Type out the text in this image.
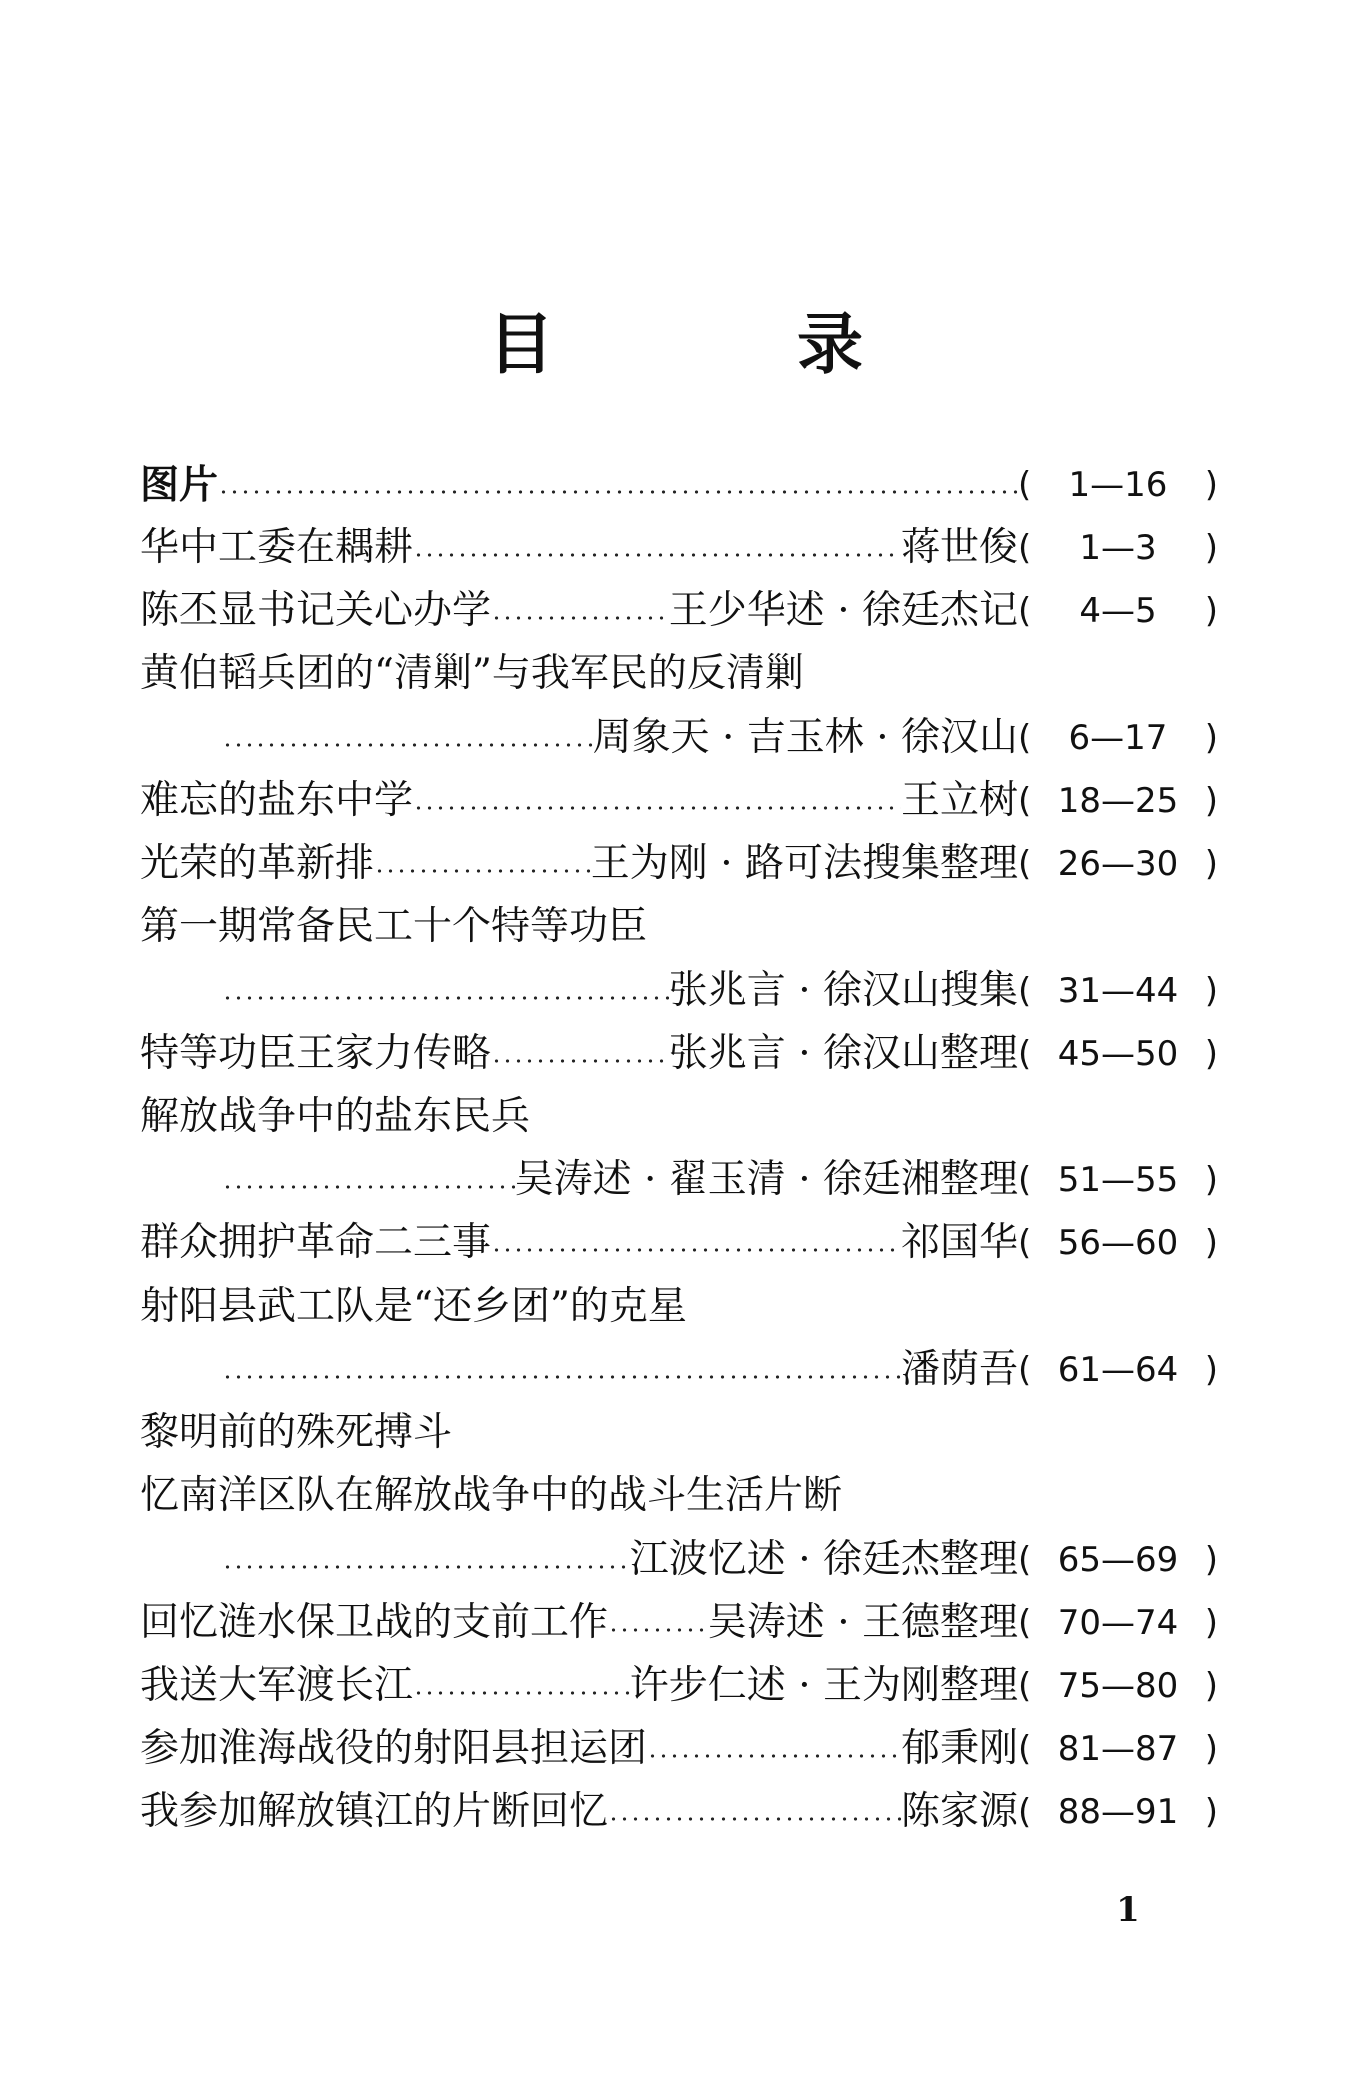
目 录
图片	(	1—16	)
华中工委在耦耕	蒋世俊 (	1—3	)
陈丕显书记关心办学	王少华述 · 徐廷杰记 (	4—5	)
黄伯韬兵团的“清剿”与我军民的反清剿
周象天 · 吉玉林 · 徐汉山 (	6—17	)
难忘的盐东中学	王立树 ( 18—25 )
光荣的革新排	王为刚 · 路可法搜集整理 ( 26—30 )
第一期常备民工十个特等功臣
张兆言 · 徐汉山搜集 ( 31—44 )
特等功臣王家力传略	张兆言 · 徐汉山整理 ( 45—50 )
解放战争中的盐东民兵
吴涛述 · 翟玉清 · 徐廷湘整理 ( 51—55 )
群众拥护革命二三事	祁国华 ( 56—60 )
射阳县武工队是“还乡团”的克星
潘荫吾 ( 61—64 )
黎明前的殊死搏斗
忆南洋区队在解放战争中的战斗生活片断
江波忆述 · 徐廷杰整理 ( 65—69 )
回忆涟水保卫战的支前工作	吴涛述 · 王德整理 ( 70—74 )
我送大军渡长江	许步仁述 · 王为刚整理 ( 75—80 )
参加淮海战役的射阳县担运团	郁秉刚 ( 81—87 )
我参加解放镇江的片断回忆	陈家源 ( 88—91 )
1
